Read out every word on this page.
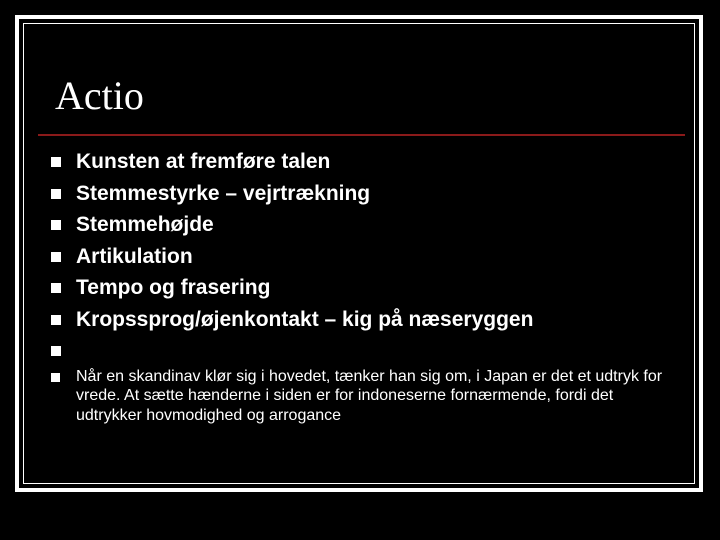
Actio
Kunsten at fremføre talen
Stemmestyrke – vejrtrækning
Stemmehøjde
Artikulation
Tempo og frasering
Kropssprog/øjenkontakt – kig på næseryggen
Når en skandinav klør sig i hovedet, tænker han sig om, i Japan er det et udtryk for vrede. At sætte hænderne i siden er for indoneserne fornærmende, fordi det udtrykker hovmodighed og arrogance
